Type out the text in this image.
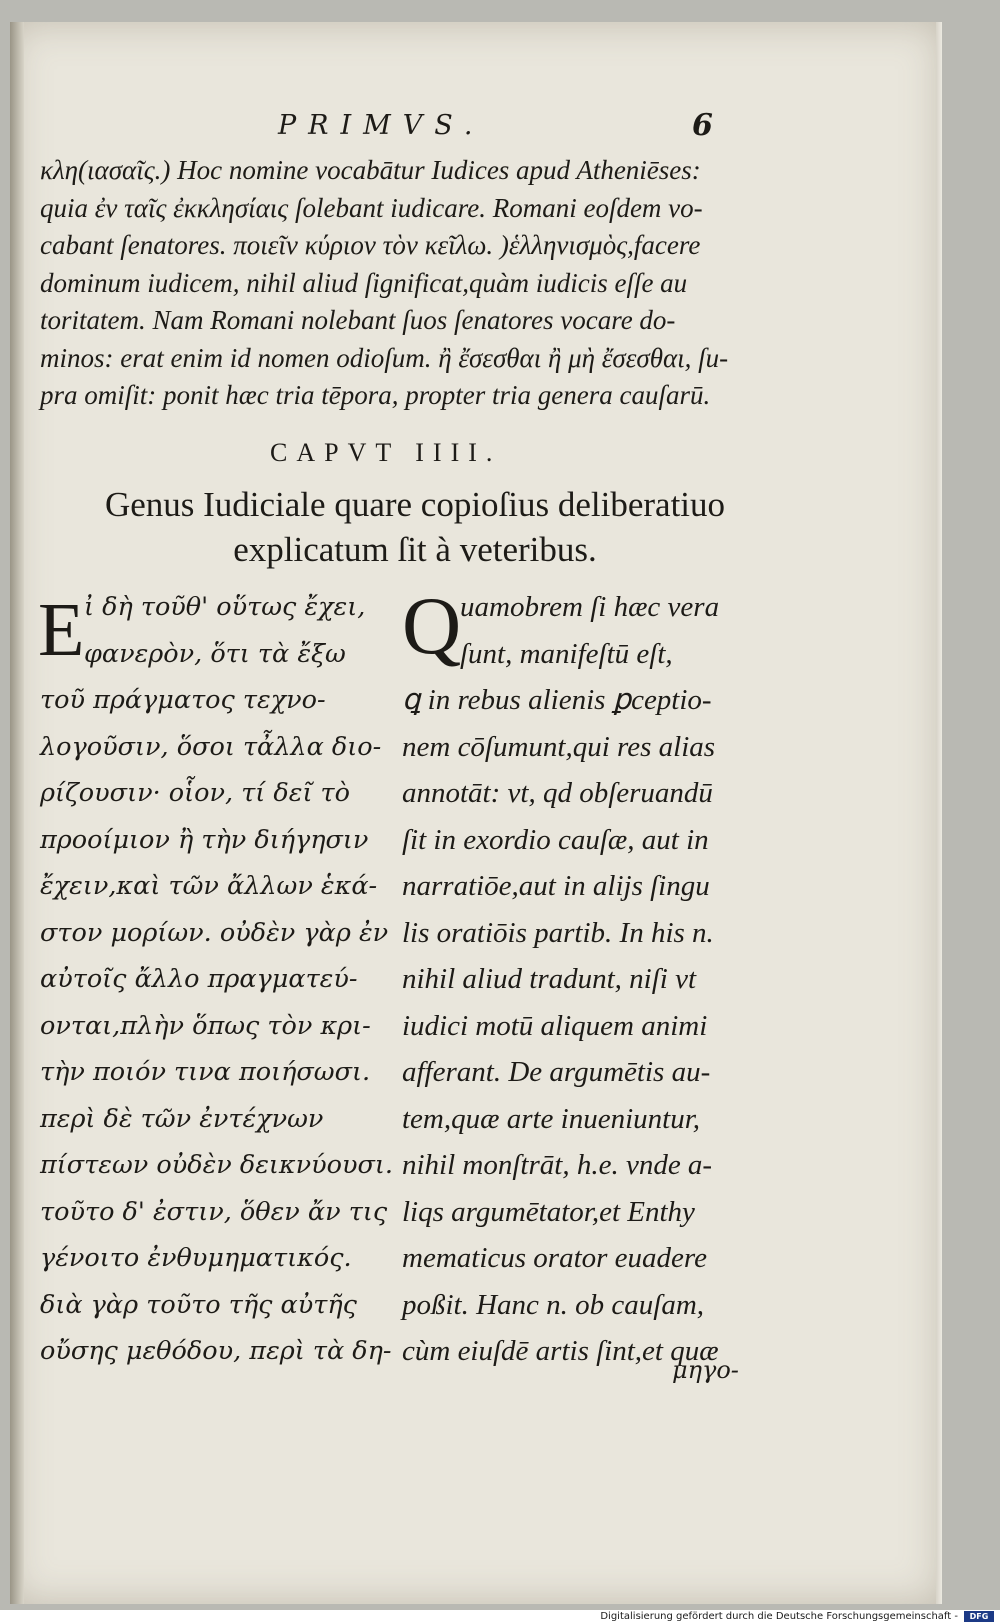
PRIMVS.	6
κλη(ιασαῖς.) Hoc nomine vocabātur Iudices apud Atheniēses:
quia ἐν ταῖς ἐκκλησίαις ſolebant iudicare. Romani eoſdem vo-
cabant ſenatores. ποιεῖν κύριον τὸν κεῖλω. )ἑλληνισμὸς,facere
dominum iudicem, nihil aliud ſignificat,quàm iudicis eſſe au
toritatem. Nam Romani nolebant ſuos ſenatores vocare do-
minos: erat enim id nomen odioſum. ἢ ἔσεσθαι ἢ μὴ ἔσεσθαι, ſu-
pra omiſit: ponit hæc tria tēpora, propter tria genera cauſarū.
CAPVT IIII.
Genus Iudiciale quare copioſius deliberatiuo
explicatum ſit à veteribus.
E ἰ δὴ τοῦθ' οὕτως ἔχει,
φανερὸν, ὅτι τὰ ἔξω
τοῦ πράγματος τεχνο-
λογοῦσιν, ὅσοι τἆλλα διο-
ρίζουσιν· οἷον, τί δεῖ τὸ
προοίμιον ἢ τὴν διήγησιν
ἔχειν,καὶ τῶν ἄλλων ἑκά-
στον μορίων. οὐδὲν γὰρ ἐν
αὐτοῖς ἄλλο πραγματεύ-
ονται,πλὴν ὅπως τὸν κρι-
τὴν ποιόν τινα ποιήσωσι.
περὶ δὲ τῶν ἐντέχνων
πίστεων οὐδὲν δεικνύουσι.
τοῦτο δ' ἐστιν, ὅθεν ἄν τις
γένοιτο ἐνθυμηματικός.
διὰ γὰρ τοῦτο τῆς αὐτῆς
οὔσης μεθόδου, περὶ τὰ δη-
Q
uamobrem ſi hæc vera
ſunt, manifeſtū eſt,
ꝗ in rebus alienis ꝑceptio-
nem cōſumunt,qui res alias
annotāt: vt, qd obſeruandū
ſit in exordio cauſæ, aut in
narratiōe,aut in alijs ſingu
lis oratiōis partib. In his n.
nihil aliud tradunt, niſi vt
iudici motū aliquem animi
afferant. De argumētis au-
tem,quæ arte inueniuntur,
nihil monſtrāt, h.e. vnde a-
liqs argumētator,et Enthy
mematicus orator euadere
poßit. Hanc n. ob cauſam,
cùm eiuſdē artis ſint,et quæ
μηγο-
Digitalisierung gefördert durch die Deutsche Forschungsgemeinschaft -	DFG
